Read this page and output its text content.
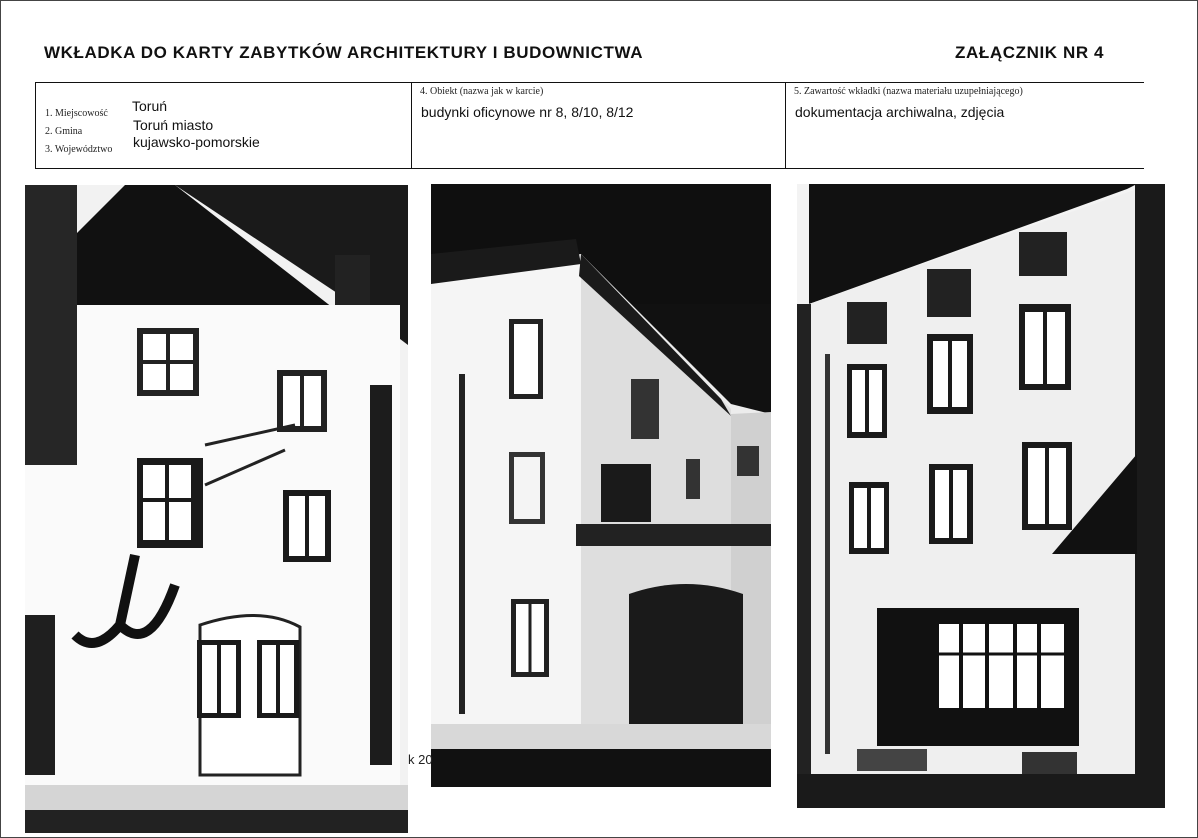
WKŁADKA DO KARTY ZABYTKÓW ARCHITEKTURY I BUDOWNICTWA	ZAŁĄCZNIK NR 4
1. Miejscowość Toruń
2. Gmina	Toruń miasto
3. Województwo kujawsko-pomorskie
4. Obiekt (nazwa jak w karcie)
budynki oficynowe nr 8, 8/10, 8/12
5. Zawartość wkładki (nazwa materiału uzupełniającego)
dokumentacja archiwalna, zdjęcia
k 20
